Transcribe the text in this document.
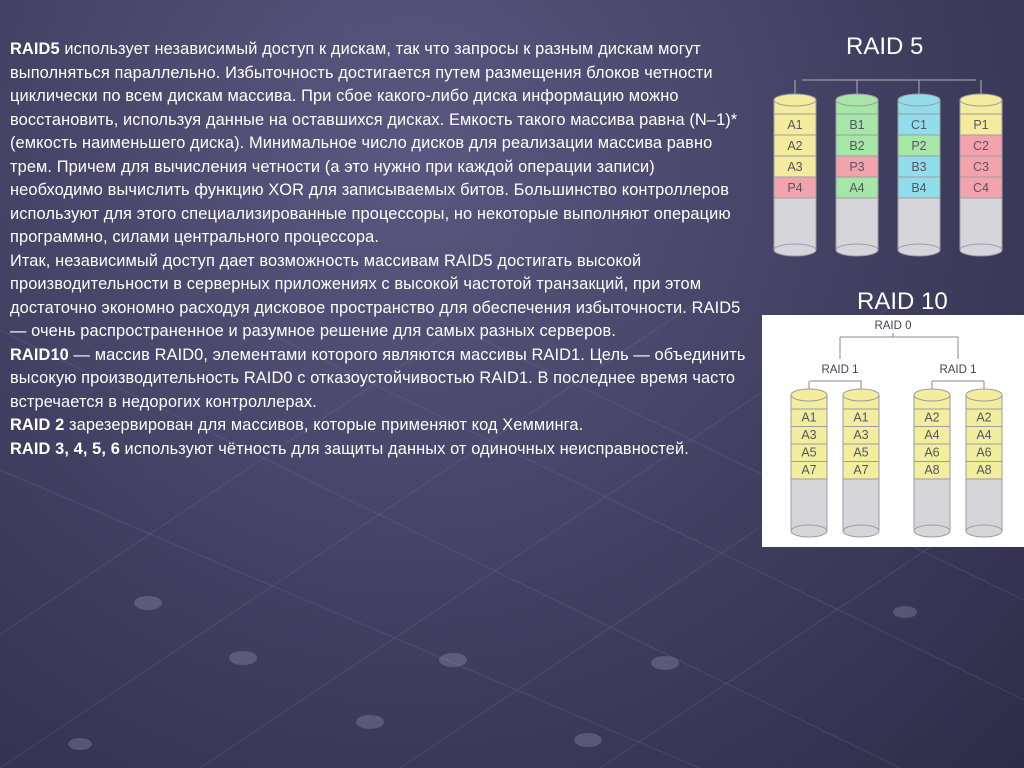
RAID5 использует независимый доступ к дискам, так что запросы к разным дискам могут выполняться параллельно. Избыточность достигается путем размещения блоков четности циклически по всем дискам массива. При сбое какого-либо диска информацию можно восстановить, используя данные на оставшихся дисках. Емкость такого массива равна (N–1)*(емкость наименьшего диска). Минимальное число дисков для реализации массива равно трем. Причем для вычисления четности (а это нужно при каждой операции записи) необходимо вычислить функцию XOR для записываемых битов. Большинство контроллеров используют для этого специализированные процессоры, но некоторые выполняют операцию программно, силами центрального процессора.

Итак, независимый доступ дает возможность массивам RAID5 достигать высокой производительности в серверных приложениях с высокой частотой транзакций, при этом достаточно экономно расходуя дисковое пространство для обеспечения избыточности. RAID5 — очень распространенное и разумное решение для самых разных серверов.

RAID10 — массив RAID0, элементами которого являются массивы RAID1. Цель — объединить высокую производительность RAID0 с отказоустойчивостью RAID1. В последнее время часто встречается в недорогих контроллерах.

RAID 2 зарезервирован для массивов, которые применяют код Хемминга.

RAID 3, 4, 5, 6 используют чётность для защиты данных от одиночных неисправностей.

RAID 5
A1
A2
A3
P4
B1
B2
P3
A4
C1
P2
B3
B4
P1
C2
C3
C4
RAID 10
RAID 0
RAID 1	RAID 1
A1
A3
A5
A7
A1
A3
A5
A7
A2
A4
A6
A8
A2
A4
A6
A8
